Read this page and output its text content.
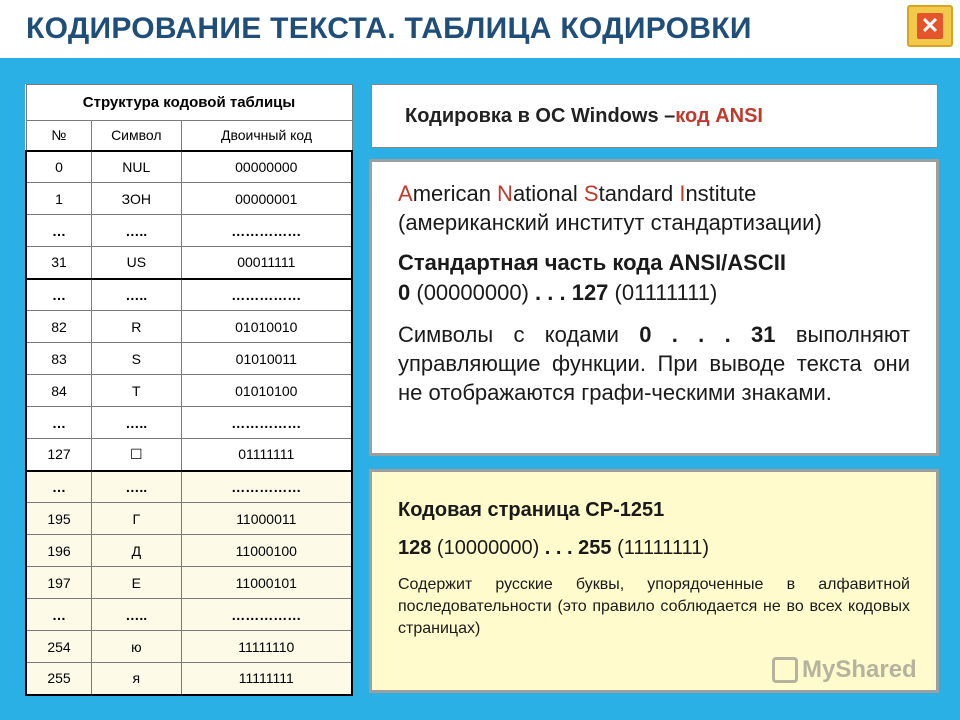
КОДИРОВАНИЕ ТЕКСТА. ТАБЛИЦА КОДИРОВКИ	✕
Структура кодовой таблицы		
№	Символ	Двоичный код
0	NUL	00000000
1	ЗОН	00000001
…	…..	……………
31	US	00011111
…	…..	……………
82	R	01010010
83	S	01010011
84	T	01010100
…	…..	……………
127	☐	01111111
…	…..	……………
195	Г	11000011
196	Д	11000100
197	Е	11000101
…	…..	……………
254	ю	11111110
255	я	11111111
Кодировка в ОС Windows – код ANSI
American National Standard Institute
(американский институт стандартизации)
Стандартная часть кода ANSI/ASCII
0 (00000000) . . . 127 (01111111)
Символы с кодами 0 . . . 31 выполняют управляющие функции. При выводе текста они не отображаются графи-ческими знаками.
Кодовая страница СР-1251
128 (10000000) . . . 255 (11111111)
Содержит русские буквы, упорядоченные в алфавитной последовательности (это правило соблюдается не во всех кодовых страницах)
MyShared
